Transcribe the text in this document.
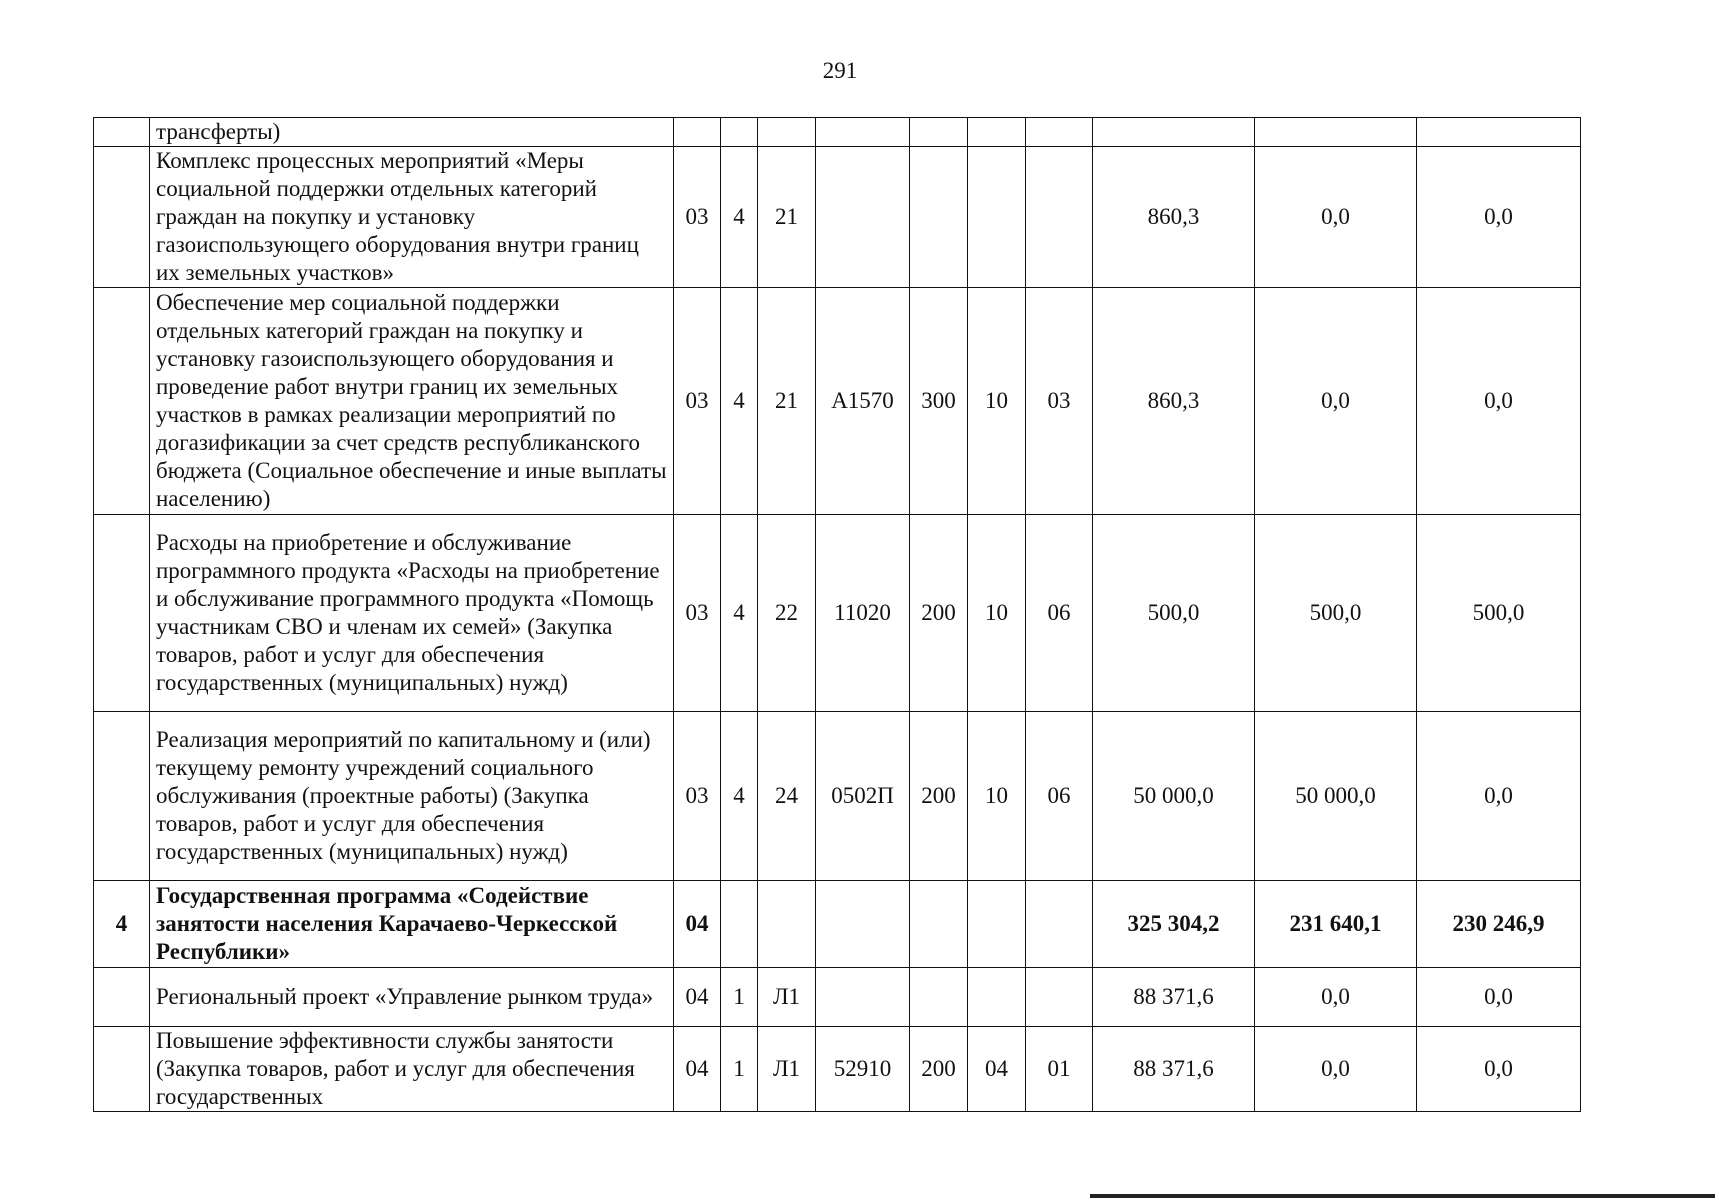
291
	трансферты)										
	Комплекс процессных мероприятий «Меры социальной поддержки отдельных категорий граждан на покупку и установку газоиспользующего оборудования внутри границ их земельных участков»	03	4	21					860,3	0,0	0,0
	Обеспечение мер социальной поддержки отдельных категорий граждан на покупку и установку газоиспользующего оборудования и проведение работ внутри границ их земельных участков в рамках реализации мероприятий по догазификации за счет средств республиканского бюджета (Социальное обеспечение и иные выплаты населению)	03	4	21	А1570	300	10	03	860,3	0,0	0,0
	Расходы на приобретение и обслуживание программного продукта «Расходы на приобретение и обслуживание программного продукта «Помощь участникам СВО и членам их семей» (Закупка товаров, работ и услуг для обеспечения государственных (муниципальных) нужд)	03	4	22	11020	200	10	06	500,0	500,0	500,0
	Реализация мероприятий по капитальному и (или) текущему ремонту учреждений социального обслуживания (проектные работы) (Закупка товаров, работ и услуг для обеспечения государственных (муниципальных) нужд)	03	4	24	0502П	200	10	06	50 000,0	50 000,0	0,0
4	Государственная программа «Содействие занятости населения Карачаево-Черкесской Республики»	04							325 304,2	231 640,1	230 246,9
	Региональный проект «Управление рынком труда»	04	1	Л1					88 371,6	0,0	0,0
	Повышение эффективности службы занятости (Закупка товаров, работ и услуг для обеспечения государственных	04	1	Л1	52910	200	04	01	88 371,6	0,0	0,0
